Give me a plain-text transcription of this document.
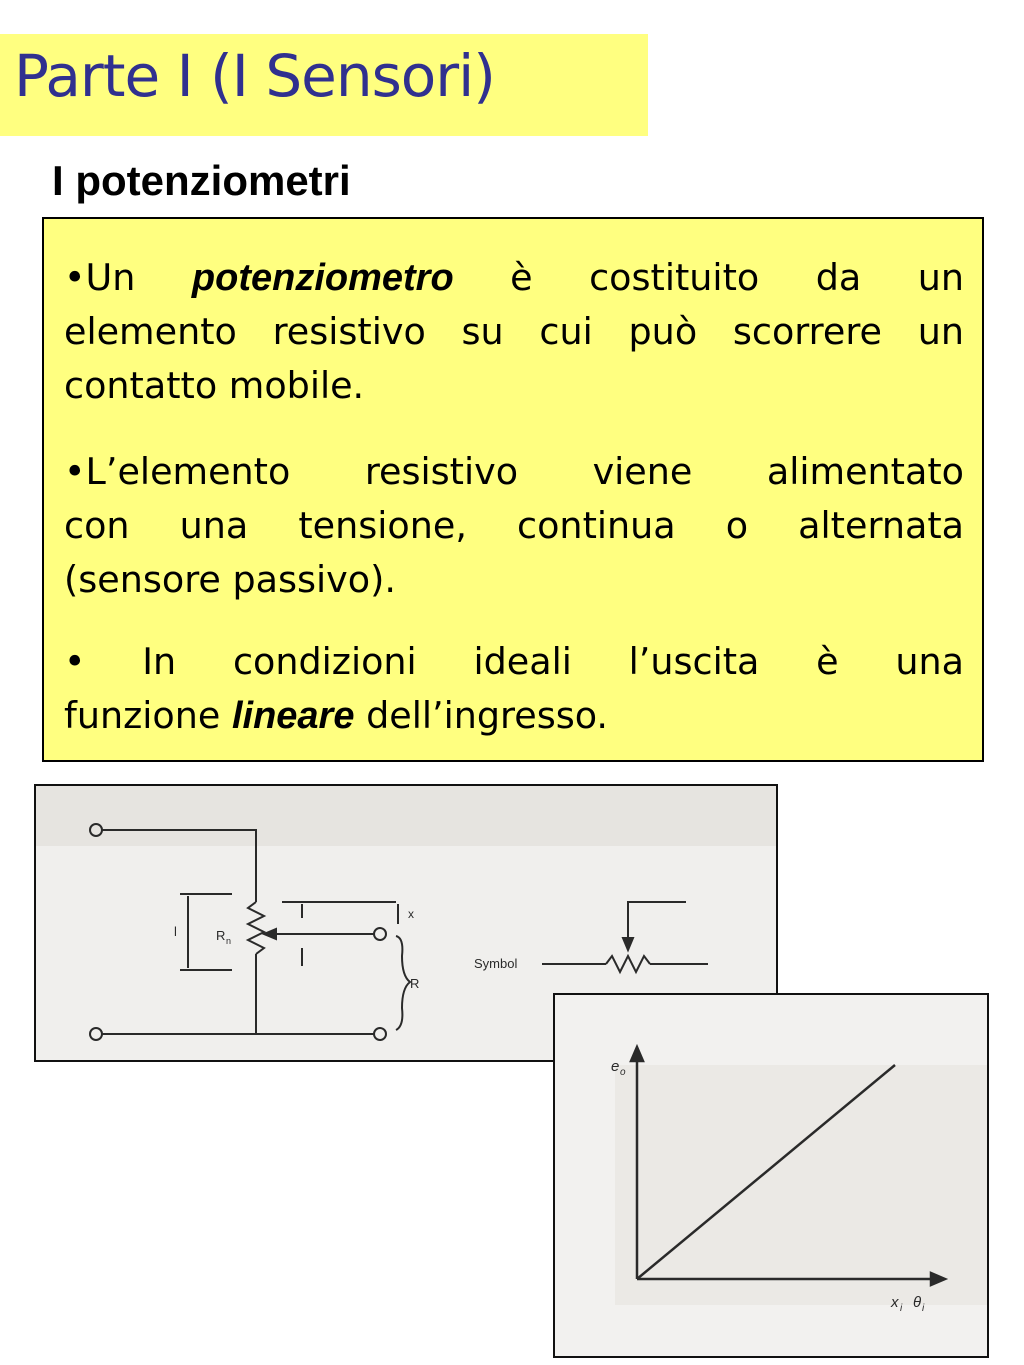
Parte I (I Sensori)
I potenziometri
•Un potenziometro è costituito da un
elemento resistivo su cui può scorrere un
contatto mobile.
•L’elemento resistivo viene alimentato
con una tensione, continua o alternata
(sensore passivo).
• In condizioni ideali l’uscita è una
funzione lineare dell’ingresso.
l	R n
x
R
Symbol
e o
x i θ i
